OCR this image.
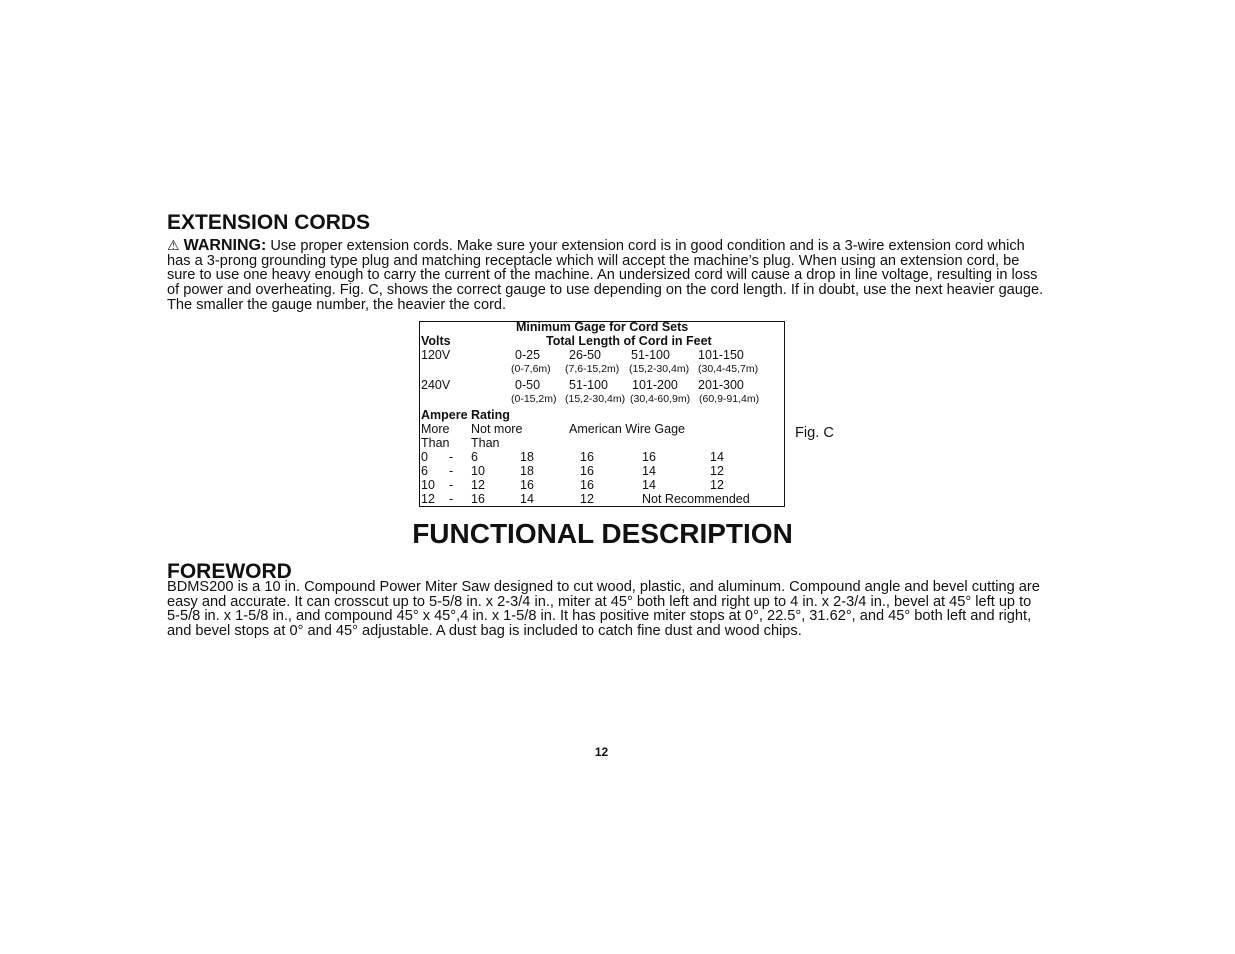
EXTENSION CORDS
⚠ WARNING: Use proper extension cords. Make sure your extension cord is in good condition and is a 3-wire extension cord which has a 3-prong grounding type plug and matching receptacle which will accept the machine’s plug. When using an extension cord, be sure to use one heavy enough to carry the current of the machine. An undersized cord will cause a drop in line voltage, resulting in loss of power and overheating. Fig. C, shows the correct gauge to use depending on the cord length. If in doubt, use the next heavier gauge. The smaller the gauge number, the heavier the cord.
Minimum Gage for Cord Sets
Volts	Total Length of Cord in Feet
120V	0-25 26-50 51-100 101-150
(0-7,6m) (7,6-15,2m) (15,2-30,4m) (30,4-45,7m)
240V	0-50 51-100 101-200 201-300
(0-15,2m) (15,2-30,4m) (30,4-60,9m) (60,9-91,4m)
Ampere Rating
More Not more	American Wire Gage
Than Than
0 - 6	18	16	16	14
6 - 10	18	16	14	12
10 - 12	16	16	14	12
12 - 16	14	12	Not Recommended
Fig. C
FUNCTIONAL DESCRIPTION
FOREWORD
BDMS200 is a 10 in. Compound Power Miter Saw designed to cut wood, plastic, and aluminum. Compound angle and bevel cutting are easy and accurate. It can crosscut up to 5-5/8 in. x 2-3/4 in., miter at 45° both left and right up to 4 in. x 2-3/4 in., bevel at 45° left up to 5-5/8 in. x 1-5/8 in., and compound 45° x 45°,4 in. x 1-5/8 in. It has positive miter stops at 0°, 22.5°, 31.62°, and 45° both left and right, and bevel stops at 0° and 45° adjustable. A dust bag is included to catch fine dust and wood chips.
12
